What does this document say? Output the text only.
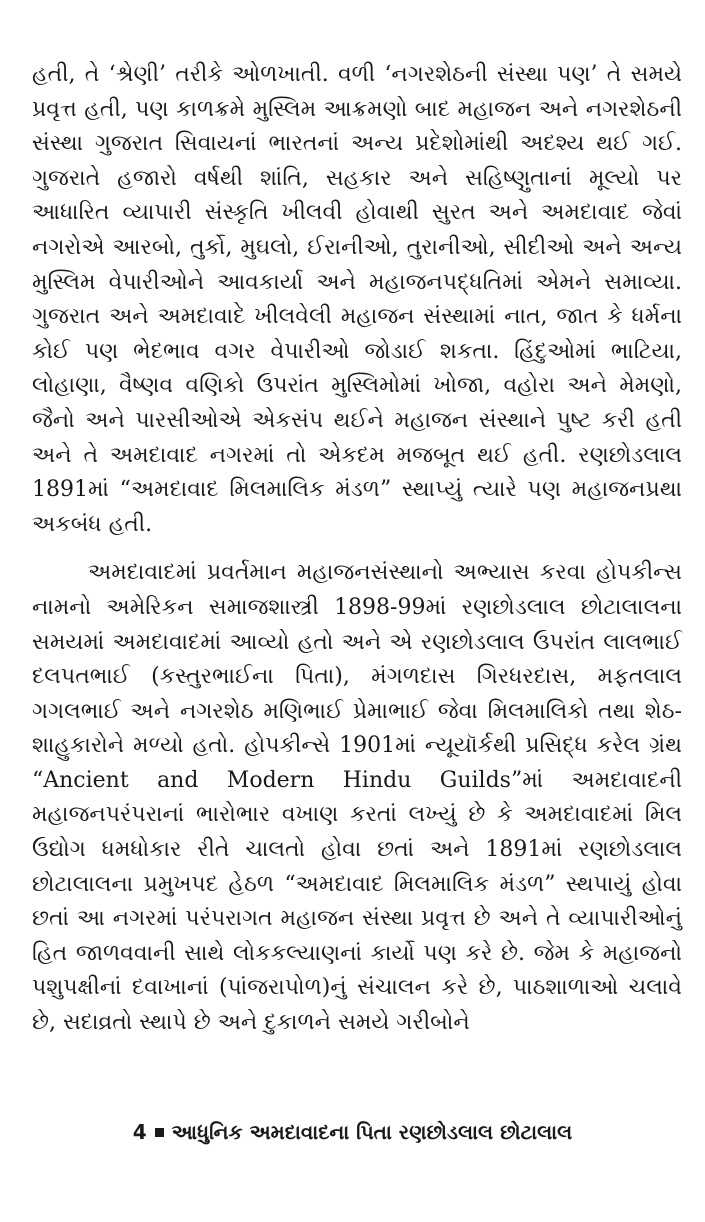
હતી, તે ‘શ્રેણી’ તરીકે ઓળખાતી. વળી ‘નગરશેઠની સંસ્થા પણ’ તે સમયે પ્રવૃત્ત હતી, પણ કાળક્રમે મુસ્લિમ આક્રમણો બાદ મહાજન અને નગરશેઠની સંસ્થા ગુજરાત સિવાયનાં ભારતનાં અન્ય પ્રદેશોમાંથી અદશ્ય થઈ ગઈ. ગુજરાતે હજારો વર્ષથી શાંતિ, સહકાર અને સહિષ્ણુતાનાં મૂલ્યો પર આધારિત વ્યાપારી સંસ્કૃતિ ખીલવી હોવાથી સુરત અને અમદાવાદ જેવાં નગરોએ આરબો, તુર્કો, મુઘલો, ઈરાનીઓ, તુરાનીઓ, સીદીઓ અને અન્ય મુસ્લિમ વેપારીઓને આવકાર્યા અને મહાજનપદ્ધતિમાં એમને સમાવ્યા. ગુજરાત અને અમદાવાદે ખીલવેલી મહાજન સંસ્થામાં નાત, જાત કે ધર્મના કોઈ પણ ભેદભાવ વગર વેપારીઓ જોડાઈ શકતા. હિંદુઓમાં ભાટિયા, લોહાણા, વૈષ્ણવ વણિકો ઉપરાંત મુસ્લિમોમાં ખોજા, વહોરા અને મેમણો, જૈનો અને પારસીઓએ એકસંપ થઈને મહાજન સંસ્થાને પુષ્ટ કરી હતી અને તે અમદાવાદ નગરમાં તો એકદમ મજબૂત થઈ હતી. રણછોડલાલ 1891માં “અમદાવાદ મિલમાલિક મંડળ” સ્થાપ્યું ત્યારે પણ મહાજનપ્રથા અકબંધ હતી.

અમદાવાદમાં પ્રવર્તમાન મહાજનસંસ્થાનો અભ્યાસ કરવા હોપકીન્સ નામનો અમેરિકન સમાજશાસ્ત્રી 1898-99માં રણછોડલાલ છોટાલાલના સમયમાં અમદાવાદમાં આવ્યો હતો અને એ રણછોડલાલ ઉપરાંત લાલભાઈ દલપતભાઈ (કસ્તુરભાઈના પિતા), મંગળદાસ ગિરધરદાસ, મફતલાલ ગગલભાઈ અને નગરશેઠ મણિભાઈ પ્રેમાભાઈ જેવા મિલમાલિકો તથા શેઠ-શાહુકારોને મળ્યો હતો. હોપકીન્સે 1901માં ન્યૂયૉર્કથી પ્રસિદ્ધ કરેલ ગ્રંથ “Ancient and Modern Hindu Guilds”માં અમદાવાદની મહાજનપરંપરાનાં ભારોભાર વખાણ કરતાં લખ્યું છે કે અમદાવાદમાં મિલ ઉદ્યોગ ધમધોકાર રીતે ચાલતો હોવા છતાં અને 1891માં રણછોડલાલ છોટાલાલના પ્રમુખપદ હેઠળ “અમદાવાદ મિલમાલિક મંડળ” સ્થપાયું હોવા છતાં આ નગરમાં પરંપરાગત મહાજન સંસ્થા પ્રવૃત્ત છે અને તે વ્યાપારીઓનું હિત જાળવવાની સાથે લોકકલ્યાણનાં કાર્યો પણ કરે છે. જેમ કે મહાજનો પશુપક્ષીનાં દવાખાનાં (પાંજરાપોળ)નું સંચાલન કરે છે, પાઠશાળાઓ ચલાવે છે, સદાવ્રતો સ્થાપે છે અને દુકાળને સમયે ગરીબોને

4 આધુનિક અમદાવાદના પિતા રણછોડલાલ છોટાલાલ
